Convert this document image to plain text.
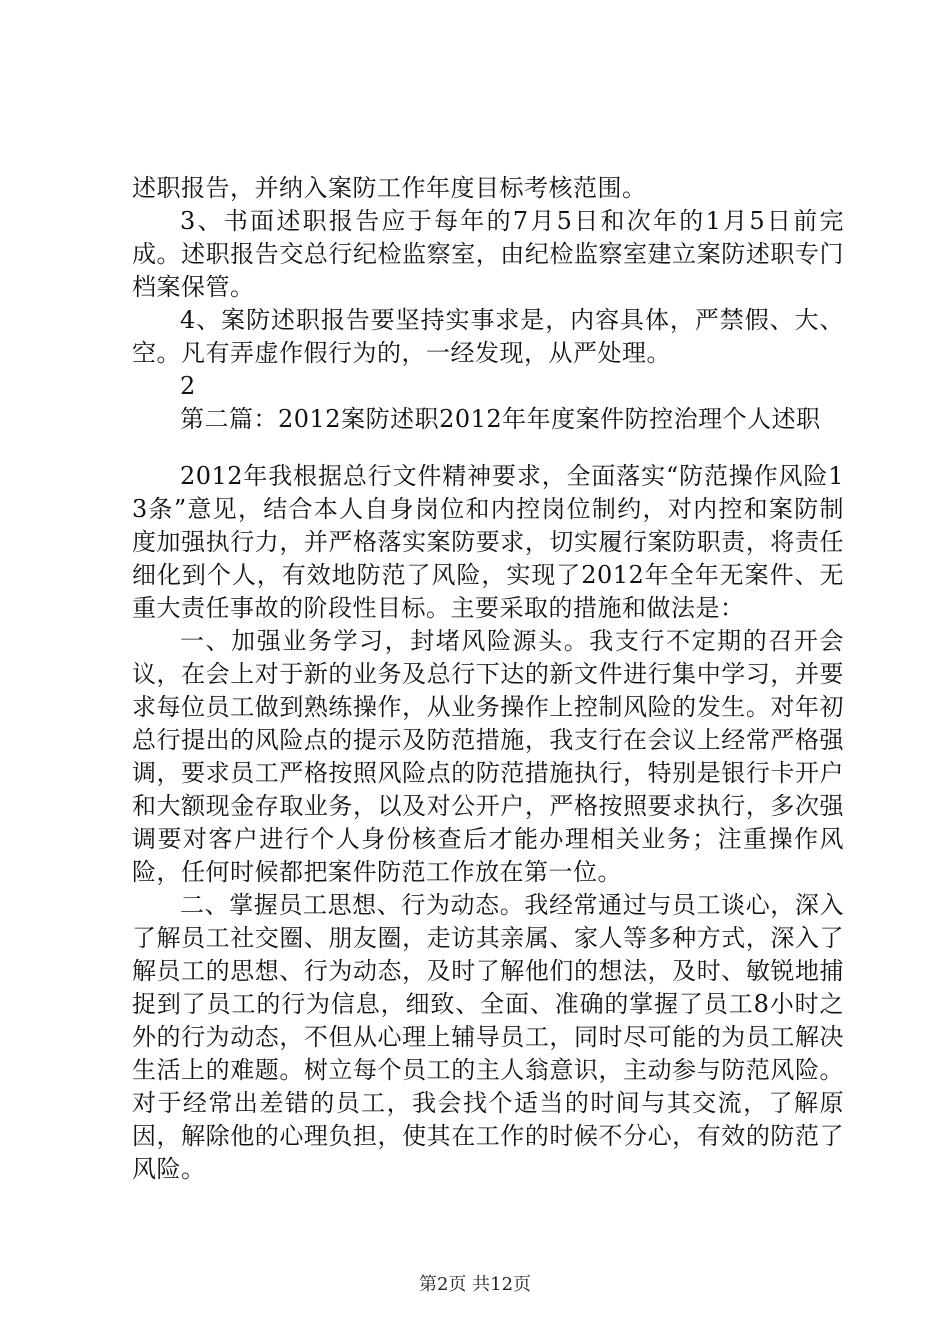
述职报告，并纳入案防工作年度目标考核范围。

3、书面述职报告应于每年的7月5日和次年的1月5日前完成。述职报告交总行纪检监察室，由纪检监察室建立案防述职专门档案保管。

4、案防述职报告要坚持实事求是，内容具体，严禁假、大、空。凡有弄虚作假行为的，一经发现，从严处理。

2

第二篇：2012案防述职2012年年度案件防控治理个人述职

2012年我根据总行文件精神要求，全面落实“防范操作风险13条”意见，结合本人自身岗位和内控岗位制约，对内控和案防制度加强执行力，并严格落实案防要求，切实履行案防职责，将责任细化到个人，有效地防范了风险，实现了2012年全年无案件、无重大责任事故的阶段性目标。主要采取的措施和做法是：

一、加强业务学习，封堵风险源头。我支行不定期的召开会议，在会上对于新的业务及总行下达的新文件进行集中学习，并要求每位员工做到熟练操作，从业务操作上控制风险的发生。对年初总行提出的风险点的提示及防范措施，我支行在会议上经常严格强调，要求员工严格按照风险点的防范措施执行，特别是银行卡开户和大额现金存取业务，以及对公开户，严格按照要求执行，多次强调要对客户进行个人身份核查后才能办理相关业务；注重操作风险，任何时候都把案件防范工作放在第一位。

二、掌握员工思想、行为动态。我经常通过与员工谈心，深入了解员工社交圈、朋友圈，走访其亲属、家人等多种方式，深入了解员工的思想、行为动态，及时了解他们的想法，及时、敏锐地捕捉到了员工的行为信息，细致、全面、准确的掌握了员工8小时之外的行为动态，不但从心理上辅导员工，同时尽可能的为员工解决生活上的难题。树立每个员工的主人翁意识，主动参与防范风险。对于经常出差错的员工，我会找个适当的时间与其交流，了解原因，解除他的心理负担，使其在工作的时候不分心，有效的防范了风险。

第2页 共12页
